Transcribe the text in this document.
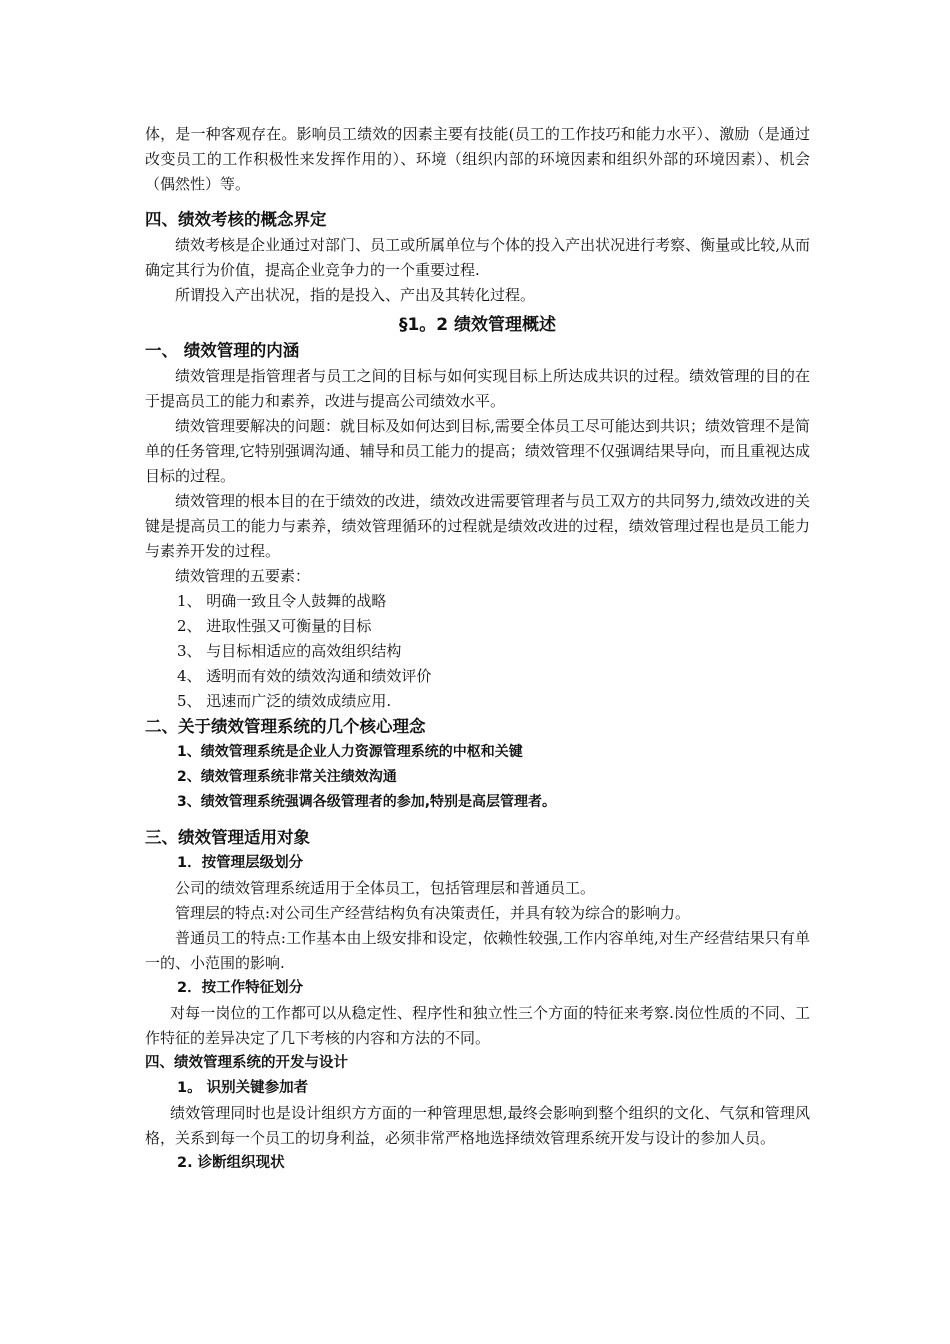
体，是一种客观存在。影响员工绩效的因素主要有技能(员工的工作技巧和能力水平）、激励（是通过改变员工的工作积极性来发挥作用的）、环境（组织内部的环境因素和组织外部的环境因素）、机会（偶然性）等。

四、绩效考核的概念界定

绩效考核是企业通过对部门、员工或所属单位与个体的投入产出状况进行考察、衡量或比较,从而确定其行为价值，提高企业竞争力的一个重要过程.

所谓投入产出状况，指的是投入、产出及其转化过程。

§1。2 绩效管理概述
一、 绩效管理的内涵

绩效管理是指管理者与员工之间的目标与如何实现目标上所达成共识的过程。绩效管理的目的在于提高员工的能力和素养，改进与提高公司绩效水平。

绩效管理要解决的问题：就目标及如何达到目标,需要全体员工尽可能达到共识；绩效管理不是简单的任务管理,它特别强调沟通、辅导和员工能力的提高；绩效管理不仅强调结果导向，而且重视达成目标的过程。

绩效管理的根本目的在于绩效的改进，绩效改进需要管理者与员工双方的共同努力,绩效改进的关键是提高员工的能力与素养，绩效管理循环的过程就是绩效改进的过程，绩效管理过程也是员工能力与素养开发的过程。

绩效管理的五要素：

1、 明确一致且令人鼓舞的战略
2、 进取性强又可衡量的目标
3、 与目标相适应的高效组织结构
4、 透明而有效的绩效沟通和绩效评价
5、 迅速而广泛的绩效成绩应用.
二、关于绩效管理系统的几个核心理念
1、绩效管理系统是企业人力资源管理系统的中枢和关键
2、绩效管理系统非常关注绩效沟通
3、绩效管理系统强调各级管理者的参加,特别是高层管理者。
三、绩效管理适用对象
1．按管理层级划分

公司的绩效管理系统适用于全体员工，包括管理层和普通员工。

管理层的特点:对公司生产经营结构负有决策责任，并具有较为综合的影响力。

普通员工的特点:工作基本由上级安排和设定，依赖性较强,工作内容单纯,对生产经营结果只有单一的、小范围的影响.

2．按工作特征划分

对每一岗位的工作都可以从稳定性、程序性和独立性三个方面的特征来考察.岗位性质的不同、工作特征的差异决定了几下考核的内容和方法的不同。

四、绩效管理系统的开发与设计
1。 识别关键参加者

绩效管理同时也是设计组织方方面的一种管理思想,最终会影响到整个组织的文化、气氛和管理风格，关系到每一个员工的切身利益，必须非常严格地选择绩效管理系统开发与设计的参加人员。

2. 诊断组织现状
